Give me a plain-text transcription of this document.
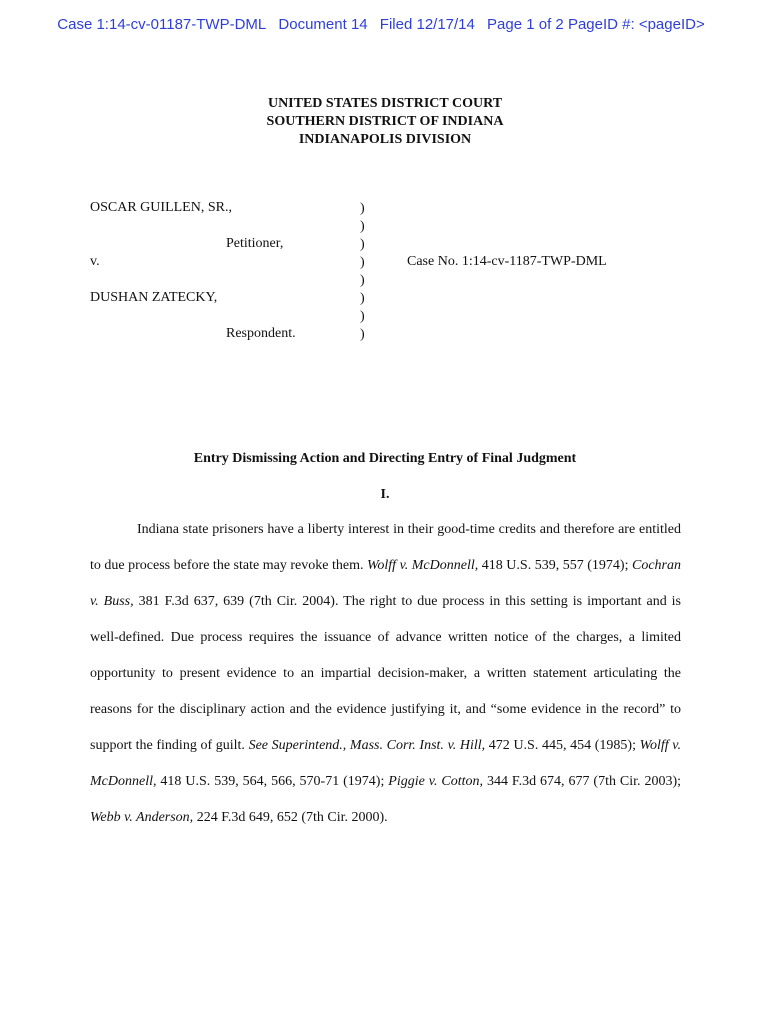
Case 1:14-cv-01187-TWP-DML Document 14 Filed 12/17/14 Page 1 of 2 PageID #: <pageID>
UNITED STATES DISTRICT COURT
SOUTHERN DISTRICT OF INDIANA
INDIANAPOLIS DIVISION
OSCAR GUILLEN, SR.,
Petitioner,
v.	Case No. 1:14-cv-1187-TWP-DML
DUSHAN ZATECKY,
Respondent.
)
)
)
)
)
)
)
)
Entry Dismissing Action and Directing Entry of Final Judgment
I.

Indiana state prisoners have a liberty interest in their good-time credits and therefore are entitled to due process before the state may revoke them. Wolff v. McDonnell, 418 U.S. 539, 557 (1974); Cochran v. Buss, 381 F.3d 637, 639 (7th Cir. 2004). The right to due process in this setting is important and is well-defined. Due process requires the issuance of advance written notice of the charges, a limited opportunity to present evidence to an impartial decision-maker, a written statement articulating the reasons for the disciplinary action and the evidence justifying it, and “some evidence in the record” to support the finding of guilt. See Superintend., Mass. Corr. Inst. v. Hill, 472 U.S. 445, 454 (1985); Wolff v. McDonnell, 418 U.S. 539, 564, 566, 570-71 (1974); Piggie v. Cotton, 344 F.3d 674, 677 (7th Cir. 2003); Webb v. Anderson, 224 F.3d 649, 652 (7th Cir. 2000).
